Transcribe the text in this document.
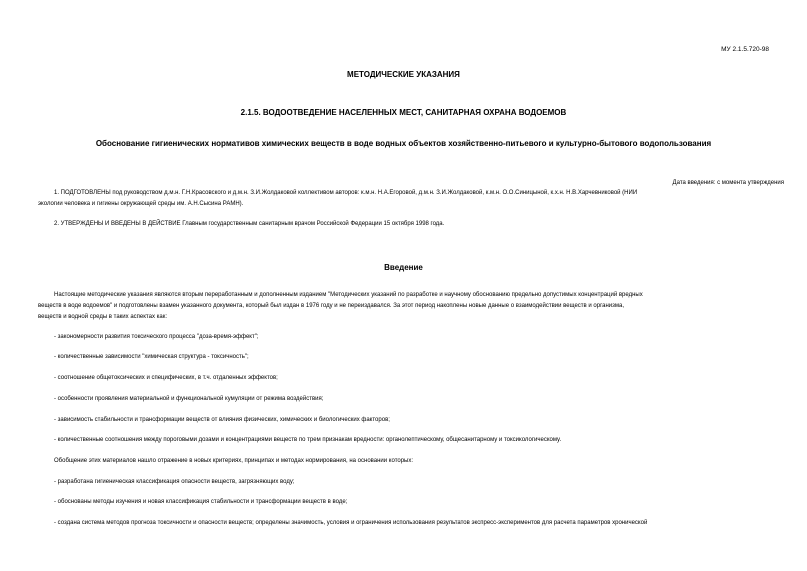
МУ 2.1.5.720-98
МЕТОДИЧЕСКИЕ УКАЗАНИЯ
2.1.5. ВОДООТВЕДЕНИЕ НАСЕЛЕННЫХ МЕСТ, САНИТАРНАЯ ОХРАНА ВОДОЕМОВ
Обоснование гигиенических нормативов химических веществ в воде водных объектов хозяйственно-питьевого и культурно-бытового водопользования
Дата введения: с момента утверждения
1. ПОДГОТОВЛЕНЫ под руководством д.м.н. Г.Н.Красовского и д.м.н. З.И.Жолдаковой коллективом авторов: к.м.н. Н.А.Егоровой, д.м.н. З.И.Жолдаковой, к.м.н. О.О.Синицыной, к.х.н. Н.В.Харчевниковой (НИИ
экологии человека и гигиены окружающей среды им. А.Н.Сысина РАМН).
2. УТВЕРЖДЕНЫ И ВВЕДЕНЫ В ДЕЙСТВИЕ Главным государственным санитарным врачом Российской Федерации 15 октября 1998 года.
Введение
Настоящие методические указания являются вторым переработанным и дополненным изданием "Методических указаний по разработке и научному обоснованию предельно допустимых концентраций вредных
веществ в воде водоемов" и подготовлены взамен указанного документа, который был издан в 1976 году и не переиздавался. За этот период накоплены новые данные о взаимодействии веществ и организма,
веществ и водной среды в таких аспектах как:
- закономерности развития токсического процесса "доза-время-эффект";
- количественные зависимости "химическая структура - токсичность";
- соотношение общетоксических и специфических, в т.ч. отдаленных эффектов;
- особенности проявления материальной и функциональной кумуляции от режима воздействия;
- зависимость стабильности и трансформации веществ от влияния физических, химических и биологических факторов;
- количественные соотношения между пороговыми дозами и концентрациями веществ по трем признакам вредности: органолептическому, общесанитарному и токсикологическому.
Обобщение этих материалов нашло отражение в новых критериях, принципах и методах нормирования, на основании которых:
- разработана гигиеническая классификация опасности веществ, загрязняющих воду;
- обоснованы методы изучения и новая классификация стабильности и трансформации веществ в воде;
- создана система методов прогноза токсичности и опасности веществ; определены значимость, условия и ограничения использования результатов экспресс-экспериментов для расчета параметров хронической
